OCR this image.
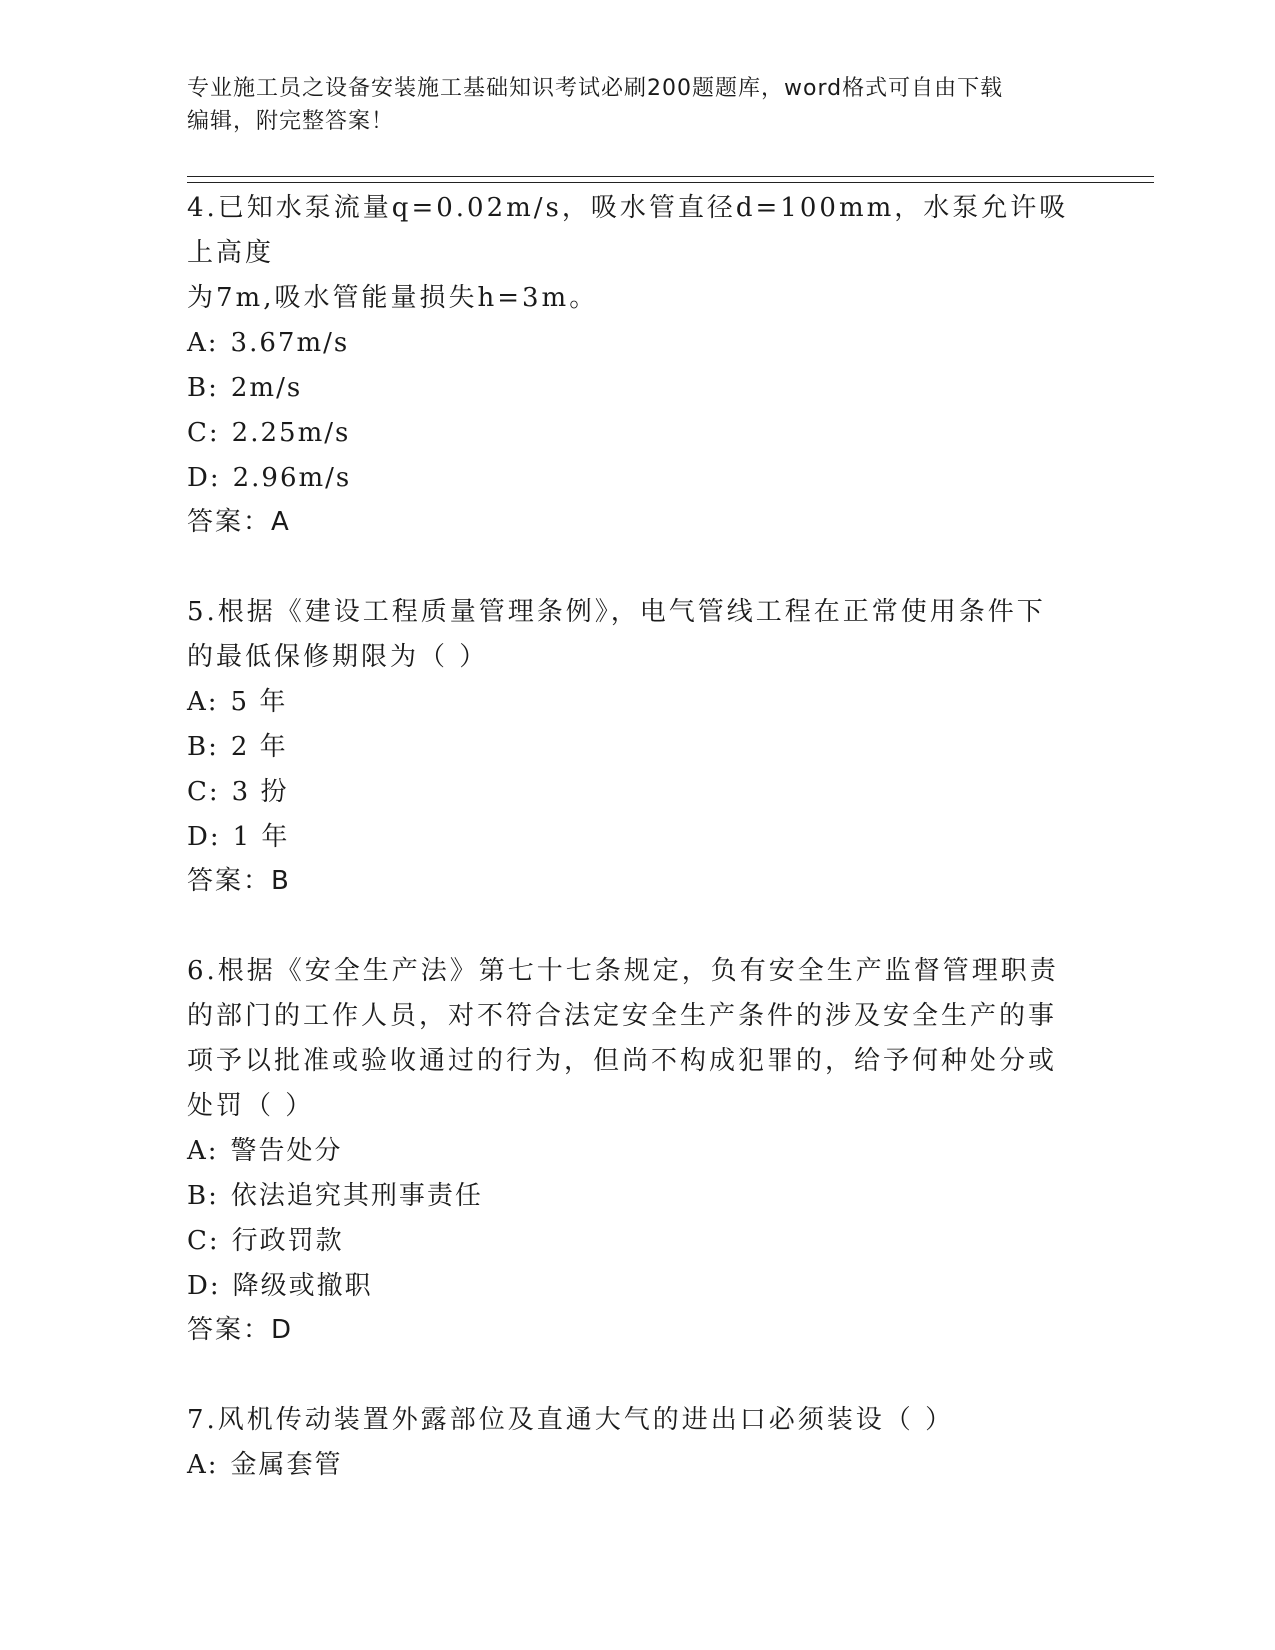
专业施工员之设备安装施工基础知识考试必刷200题题库，word格式可自由下载
编辑，附完整答案！

4.已知水泵流量q=0.02m/s，吸水管直径d=100mm，水泵允许吸上高度
为7m,吸水管能量损失h=3m。

A: 3.67m/s

B: 2m/s

C: 2.25m/s

D: 2.96m/s

答案：A

5.根据《建设工程质量管理条例》，电气管线工程在正常使用条件下
的最低保修期限为（ ）

A: 5 年

B: 2 年

C: 3 扮

D: 1 年

答案：B

6.根据《安全生产法》第七十七条规定，负有安全生产监督管理职责
的部门的工作人员，对不符合法定安全生产条件的涉及安全生产的事
项予以批准或验收通过的行为，但尚不构成犯罪的，给予何种处分或
处罚（ ）

A: 警告处分

B: 依法追究其刑事责任

C: 行政罚款

D: 降级或撤职

答案：D

7.风机传动装置外露部位及直通大气的进出口必须装设（ ）

A: 金属套管
